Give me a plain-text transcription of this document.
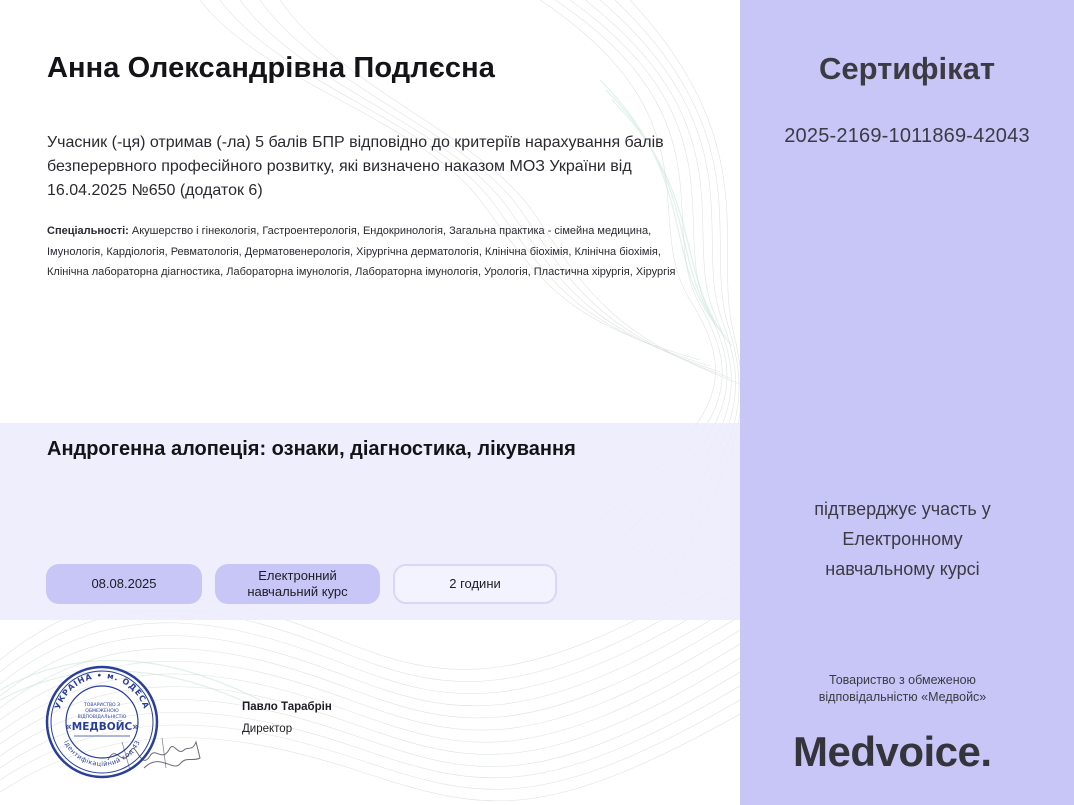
Анна Олександрівна Подлєсна
Учасник (-ця) отримав (-ла) 5 балів БПР відповідно до критеріїв нарахування балів безперервного професійного розвитку, які визначено наказом МОЗ України від 16.04.2025 №650 (додаток 6)
Спеціальності: Акушерство і гінекологія, Гастроентерологія, Ендокринологія, Загальна практика - сімейна медицина, Імунологія, Кардіологія, Ревматологія, Дерматовенерологія, Хірургічна дерматологія, Клінічна біохімія, Клінічна біохімія, Клінічна лабораторна діагностика, Лабораторна імунологія, Лабораторна імунологія, Урологія, Пластична хірургія, Хірургія
Андрогенна алопеція: ознаки, діагностика, лікування
08.08.2025
Електронний навчальний курс
2 години
УКРАЇНА • м. ОДЕСА
Ідентифікаційний код 43
ТОВАРИСТВО З
ОБМЕЖЕНОЮ
ВІДПОВІДАЛЬНІСТЮ
«МЕДВОЙС»
Павло Тарабрін
Директор
Сертифікат
2025-2169-1011869-42043
підтверджує участь у Електронному навчальному курсі
Товариство з обмеженою відповідальністю «Медвойс»
Medvoice.
